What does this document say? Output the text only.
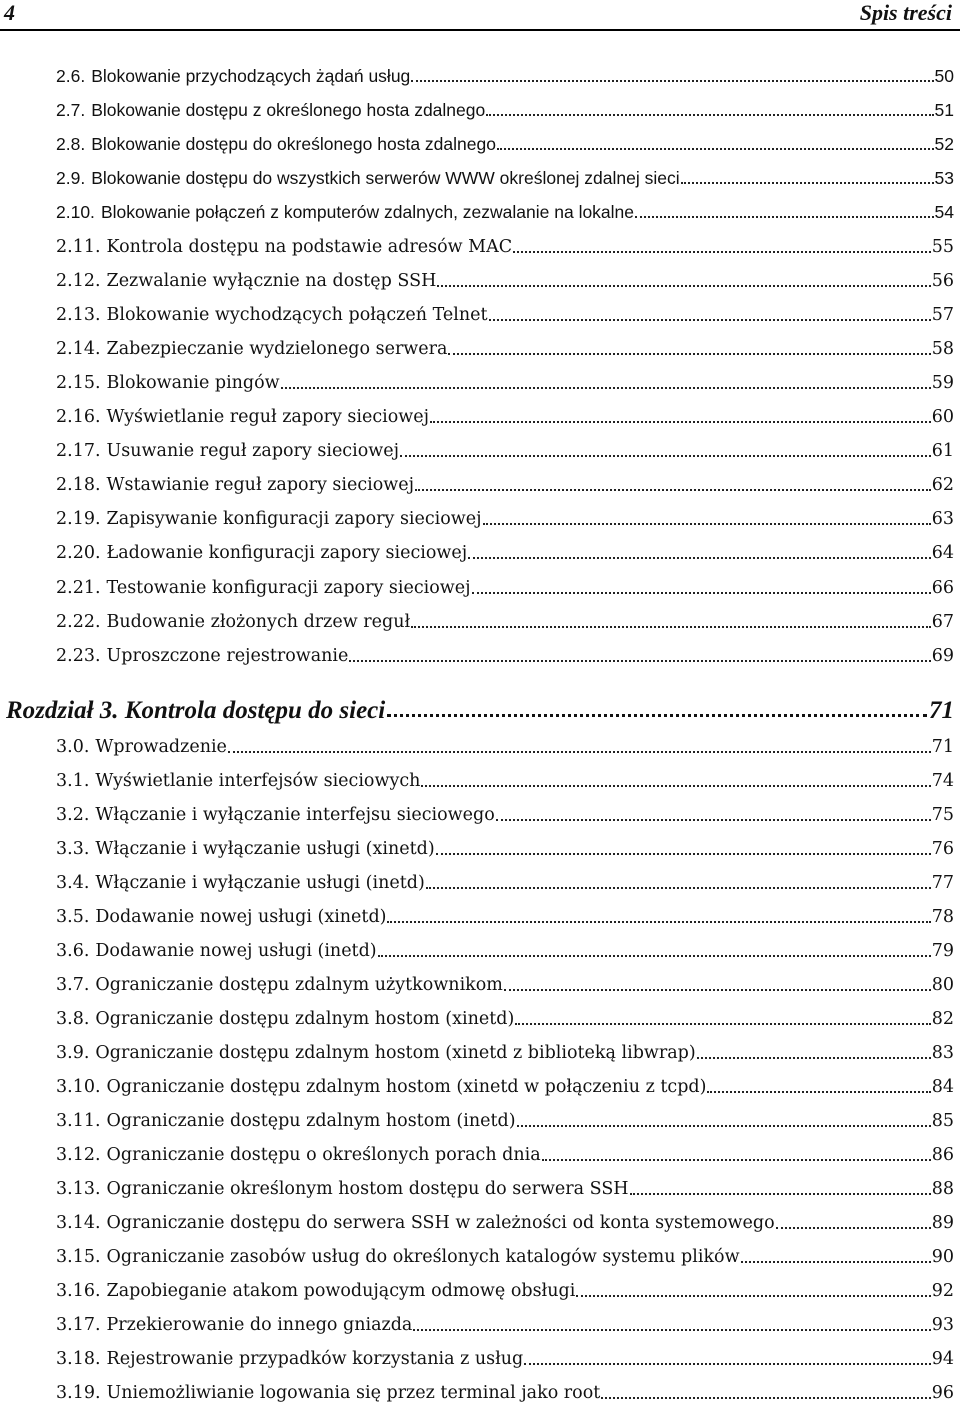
4	Spis treści
2.6. Blokowanie przychodzących żądań usług	50
2.7. Blokowanie dostępu z określonego hosta zdalnego	51
2.8. Blokowanie dostępu do określonego hosta zdalnego	52
2.9. Blokowanie dostępu do wszystkich serwerów WWW określonej zdalnej sieci	53
2.10. Blokowanie połączeń z komputerów zdalnych, zezwalanie na lokalne	54
2.11. Kontrola dostępu na podstawie adresów MAC	55
2.12. Zezwalanie wyłącznie na dostęp SSH	56
2.13. Blokowanie wychodzących połączeń Telnet	57
2.14. Zabezpieczanie wydzielonego serwera	58
2.15. Blokowanie pingów	59
2.16. Wyświetlanie reguł zapory sieciowej	60
2.17. Usuwanie reguł zapory sieciowej	61
2.18. Wstawianie reguł zapory sieciowej	62
2.19. Zapisywanie konfiguracji zapory sieciowej	63
2.20. Ładowanie konfiguracji zapory sieciowej	64
2.21. Testowanie konfiguracji zapory sieciowej	66
2.22. Budowanie złożonych drzew reguł	67
2.23. Uproszczone rejestrowanie	69
Rozdział 3. Kontrola dostępu do sieci	71
3.0. Wprowadzenie	71
3.1. Wyświetlanie interfejsów sieciowych	74
3.2. Włączanie i wyłączanie interfejsu sieciowego	75
3.3. Włączanie i wyłączanie usługi (xinetd)	76
3.4. Włączanie i wyłączanie usługi (inetd)	77
3.5. Dodawanie nowej usługi (xinetd)	78
3.6. Dodawanie nowej usługi (inetd)	79
3.7. Ograniczanie dostępu zdalnym użytkownikom	80
3.8. Ograniczanie dostępu zdalnym hostom (xinetd)	82
3.9. Ograniczanie dostępu zdalnym hostom (xinetd z biblioteką libwrap)	83
3.10. Ograniczanie dostępu zdalnym hostom (xinetd w połączeniu z tcpd)	84
3.11. Ograniczanie dostępu zdalnym hostom (inetd)	85
3.12. Ograniczanie dostępu o określonych porach dnia	86
3.13. Ograniczanie określonym hostom dostępu do serwera SSH	88
3.14. Ograniczanie dostępu do serwera SSH w zależności od konta systemowego	89
3.15. Ograniczanie zasobów usług do określonych katalogów systemu plików	90
3.16. Zapobieganie atakom powodującym odmowę obsługi	92
3.17. Przekierowanie do innego gniazda	93
3.18. Rejestrowanie przypadków korzystania z usług	94
3.19. Uniemożliwianie logowania się przez terminal jako root	96
